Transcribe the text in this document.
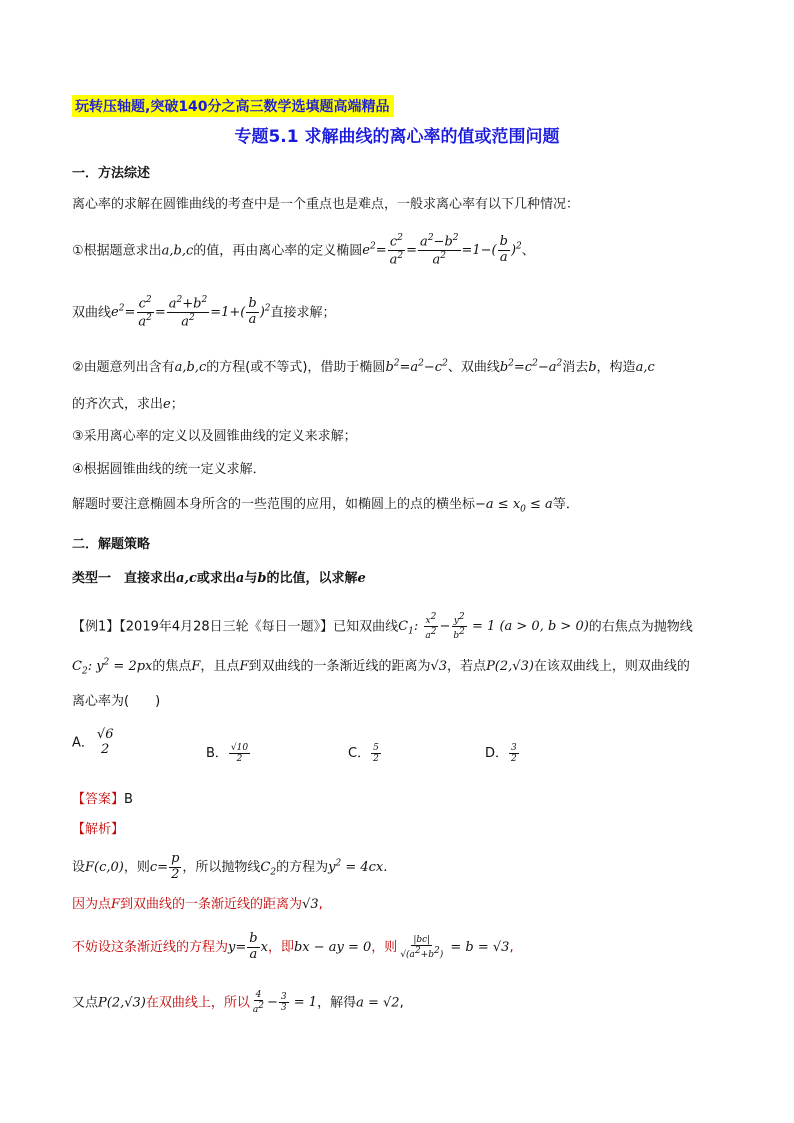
玩转压轴题,突破140分之高三数学选填题高端精品
专题5.1 求解曲线的离心率的值或范围问题
一．方法综述
离心率的求解在圆锥曲线的考查中是一个重点也是难点，一般求离心率有以下几种情况：
①根据题意求出a,b,c的值，再由离心率的定义椭圆$e^2= \frac{c^2}{a^2} = \frac{a^2-b^2}{a^2} =1-( \frac{b}{a} )^2$、
双曲线$e^2= \frac{c^2}{a^2} = \frac{a^2+b^2}{a^2} =1+( \frac{b}{a} )^2$直接求解；
②由题意列出含有a,b,c的方程(或不等式)，借助于椭圆$b^2=a^2-c^2$、双曲线$b^2=c^2-a^2$消去b，构造a,c
的齐次式，求出e；
③采用离心率的定义以及圆锥曲线的定义来求解；
④根据圆锥曲线的统一定义求解．
解题时要注意椭圆本身所含的一些范围的应用，如椭圆上的点的横坐标$-a \le x_0 \le a$等．
二．解题策略
类型一　直接求出a,c或求出a与b的比值，以求解e
【例1】【2019年4月28日三轮《每日一题》】已知双曲线$C_1$: $\frac{x^2}{a^2} - \frac{y^2}{b^2} = 1$ (a > 0, b > 0)的右焦点为抛物线
$C_2$: $y^2 = 2px$的焦点F，且点F到双曲线的一条渐近线的距离为√3，若点P(2,√3)在该双曲线上，则双曲线的
离心率为(　　)
A．
√6
2	B． $\frac{√10}{2}$	C． $\frac{5}{2}$	D． $\frac{3}{2}$
【答案】B
【解析】
设F(c,0)，则$c= \frac{p}{2}$ ，所以抛物线$C_2$的方程为$y^2 = 4cx$.
因为点F到双曲线的一条渐近线的距离为√3,
不妨设这条渐近线的方程为$y= \frac{b}{a}$ x，即bx − ay = 0，则 $\frac{|bc|}{√(a^2+b^2)} = b = √3$,
又点P(2,√3)在双曲线上，所以 $\frac{4}{a^2} - \frac{3}{3} = 1$，解得a = √2,
